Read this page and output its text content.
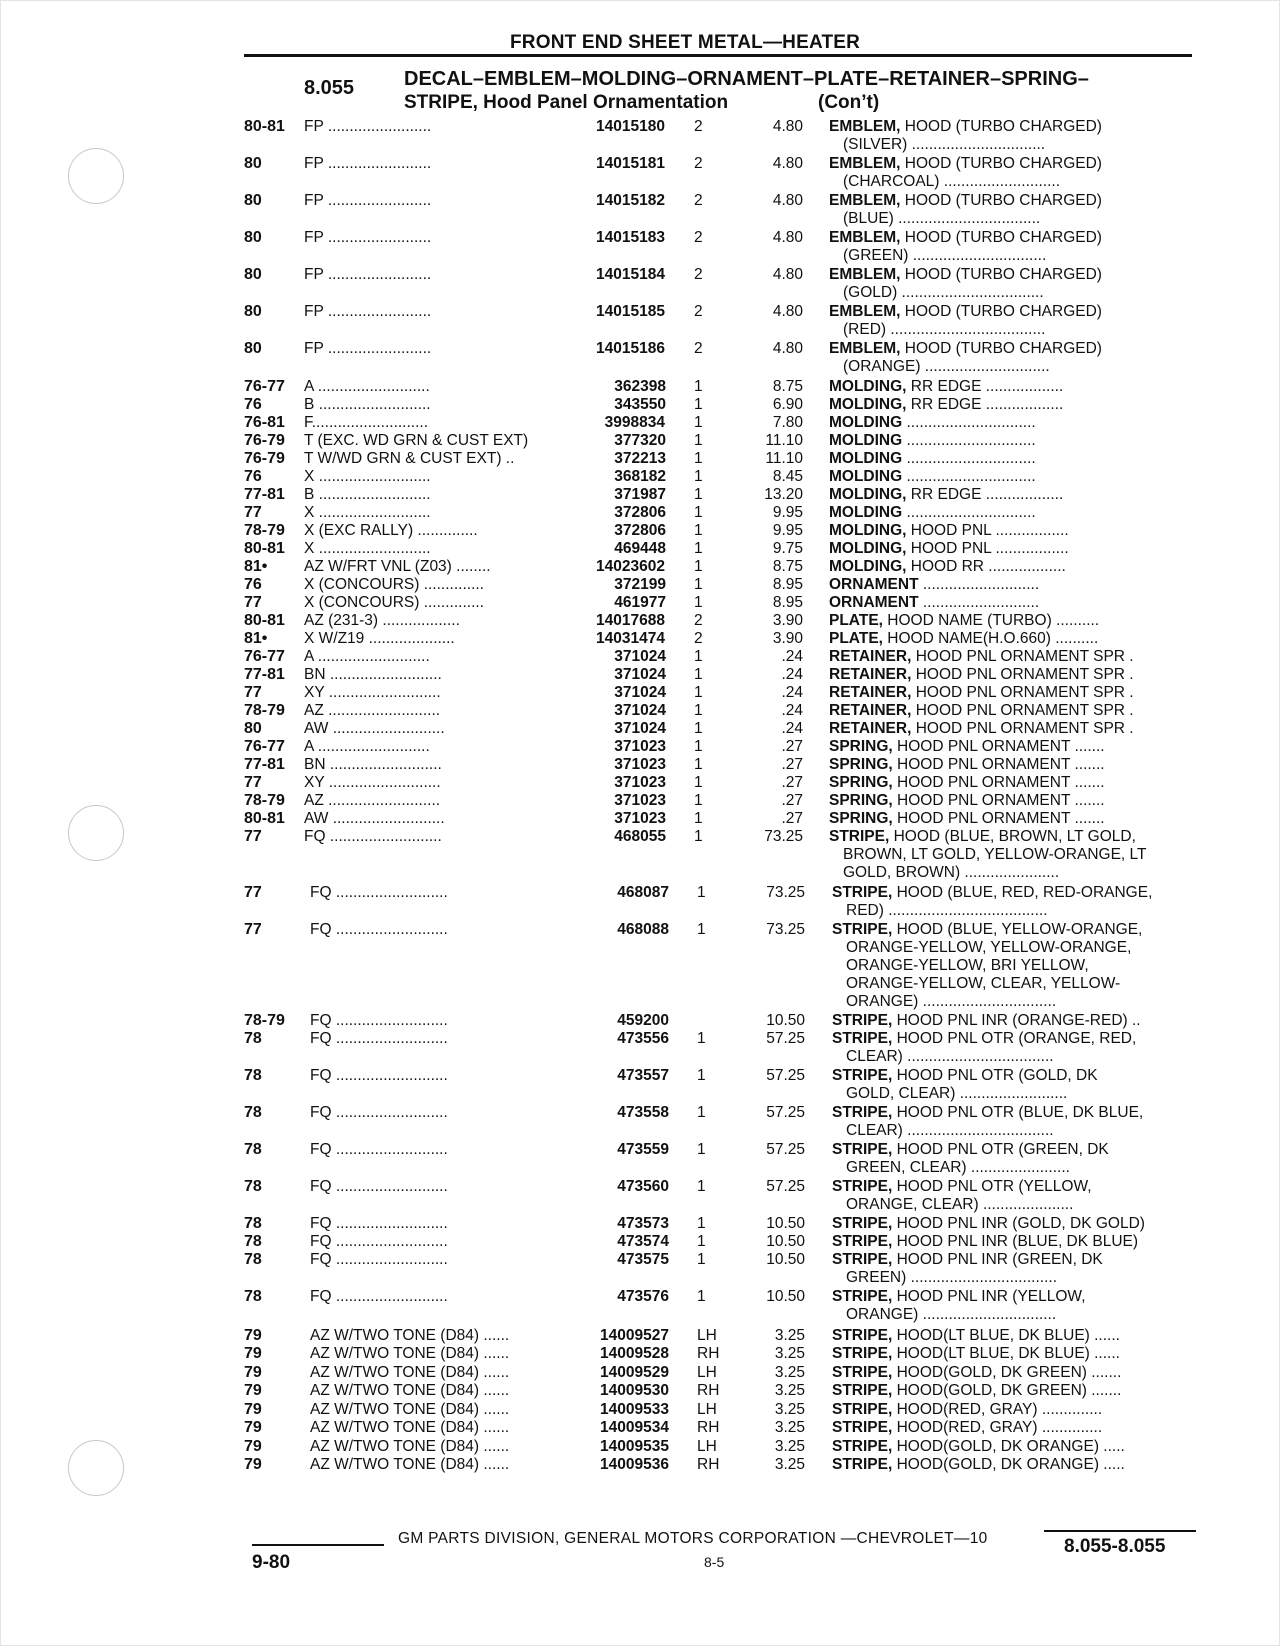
FRONT END SHEET METAL—HEATER
8.055 DECAL–EMBLEM–MOLDING–ORNAMENT–PLATE–RETAINER–SPRING–
STRIPE, Hood Panel Ornamentation	(Con’t)
80-81 FP ........................	14015180 2	4.80 EMBLEM, HOOD (TURBO CHARGED)
(SILVER) ...............................
80	FP ........................	14015181 2	4.80 EMBLEM, HOOD (TURBO CHARGED)
(CHARCOAL) ...........................
80	FP ........................	14015182 2	4.80 EMBLEM, HOOD (TURBO CHARGED)
(BLUE) .................................
80	FP ........................	14015183 2	4.80 EMBLEM, HOOD (TURBO CHARGED)
(GREEN) ...............................
80	FP ........................	14015184 2	4.80 EMBLEM, HOOD (TURBO CHARGED)
(GOLD) .................................
80	FP ........................	14015185 2	4.80 EMBLEM, HOOD (TURBO CHARGED)
(RED) ....................................
80	FP ........................	14015186 2	4.80 EMBLEM, HOOD (TURBO CHARGED)
(ORANGE) .............................
76-77 A ..........................	362398 1	8.75 MOLDING, RR EDGE ..................
76	B ..........................	343550 1	6.90 MOLDING, RR EDGE ..................
76-81 F...........................	3998834 1	7.80 MOLDING ..............................
76-79 T (EXC. WD GRN & CUST EXT)	377320 1	11.10 MOLDING ..............................
76-79 T W/WD GRN & CUST EXT) ..	372213 1	11.10 MOLDING ..............................
76	X ..........................	368182 1	8.45 MOLDING ..............................
77-81 B ..........................	371987 1	13.20 MOLDING, RR EDGE ..................
77	X ..........................	372806 1	9.95 MOLDING ..............................
78-79 X (EXC RALLY) ..............	372806 1	9.95 MOLDING, HOOD PNL .................
80-81 X ..........................	469448 1	9.75 MOLDING, HOOD PNL .................
81• AZ W/FRT VNL (Z03) ........	14023602 1	8.75 MOLDING, HOOD RR ..................
76	X (CONCOURS) ..............	372199 1	8.95 ORNAMENT ...........................
77	X (CONCOURS) ..............	461977 1	8.95 ORNAMENT ...........................
80-81 AZ (231-3) ..................	14017688 2	3.90 PLATE, HOOD NAME (TURBO) ..........
81• X W/Z19 ....................	14031474 2	3.90 PLATE, HOOD NAME(H.O.660) ..........
76-77 A ..........................	371024 1	.24 RETAINER, HOOD PNL ORNAMENT SPR .
77-81 BN ..........................	371024 1	.24 RETAINER, HOOD PNL ORNAMENT SPR .
77	XY ..........................	371024 1	.24 RETAINER, HOOD PNL ORNAMENT SPR .
78-79 AZ ..........................	371024 1	.24 RETAINER, HOOD PNL ORNAMENT SPR .
80	AW ..........................	371024 1	.24 RETAINER, HOOD PNL ORNAMENT SPR .
76-77 A ..........................	371023 1	.27 SPRING, HOOD PNL ORNAMENT .......
77-81 BN ..........................	371023 1	.27 SPRING, HOOD PNL ORNAMENT .......
77	XY ..........................	371023 1	.27 SPRING, HOOD PNL ORNAMENT .......
78-79 AZ ..........................	371023 1	.27 SPRING, HOOD PNL ORNAMENT .......
80-81 AW ..........................	371023 1	.27 SPRING, HOOD PNL ORNAMENT .......
77	FQ ..........................	468055 1	73.25 STRIPE, HOOD (BLUE, BROWN, LT GOLD,
BROWN, LT GOLD, YELLOW-ORANGE, LT
GOLD, BROWN) ......................
77	FQ ..........................	468087 1	73.25 STRIPE, HOOD (BLUE, RED, RED-ORANGE,
RED) .....................................
77	FQ ..........................	468088 1	73.25 STRIPE, HOOD (BLUE, YELLOW-ORANGE,
ORANGE-YELLOW, YELLOW-ORANGE,
ORANGE-YELLOW, BRI YELLOW,
ORANGE-YELLOW, CLEAR, YELLOW-
ORANGE) ...............................
78-79 FQ ..........................	459200	10.50 STRIPE, HOOD PNL INR (ORANGE-RED) ..
78	FQ ..........................	473556 1	57.25 STRIPE, HOOD PNL OTR (ORANGE, RED,
CLEAR) ..................................
78	FQ ..........................	473557 1	57.25 STRIPE, HOOD PNL OTR (GOLD, DK
GOLD, CLEAR) .........................
78	FQ ..........................	473558 1	57.25 STRIPE, HOOD PNL OTR (BLUE, DK BLUE,
CLEAR) ..................................
78	FQ ..........................	473559 1	57.25 STRIPE, HOOD PNL OTR (GREEN, DK
GREEN, CLEAR) .......................
78	FQ ..........................	473560 1	57.25 STRIPE, HOOD PNL OTR (YELLOW,
ORANGE, CLEAR) .....................
78	FQ ..........................	473573 1	10.50 STRIPE, HOOD PNL INR (GOLD, DK GOLD)
78	FQ ..........................	473574 1	10.50 STRIPE, HOOD PNL INR (BLUE, DK BLUE)
78	FQ ..........................	473575 1	10.50 STRIPE, HOOD PNL INR (GREEN, DK
GREEN) ..................................
78	FQ ..........................	473576 1	10.50 STRIPE, HOOD PNL INR (YELLOW,
ORANGE) ...............................
79	AZ W/TWO TONE (D84) ......	14009527 LH	3.25 STRIPE, HOOD(LT BLUE, DK BLUE) ......
79	AZ W/TWO TONE (D84) ......	14009528 RH	3.25 STRIPE, HOOD(LT BLUE, DK BLUE) ......
79	AZ W/TWO TONE (D84) ......	14009529 LH	3.25 STRIPE, HOOD(GOLD, DK GREEN) .......
79	AZ W/TWO TONE (D84) ......	14009530 RH	3.25 STRIPE, HOOD(GOLD, DK GREEN) .......
79	AZ W/TWO TONE (D84) ......	14009533 LH	3.25 STRIPE, HOOD(RED, GRAY) ..............
79	AZ W/TWO TONE (D84) ......	14009534 RH	3.25 STRIPE, HOOD(RED, GRAY) ..............
79	AZ W/TWO TONE (D84) ......	14009535 LH	3.25 STRIPE, HOOD(GOLD, DK ORANGE) .....
79	AZ W/TWO TONE (D84) ......	14009536 RH	3.25 STRIPE, HOOD(GOLD, DK ORANGE) .....
GM PARTS DIVISION, GENERAL MOTORS CORPORATION —CHEVROLET—10
9-80	8-5
8.055-8.055
